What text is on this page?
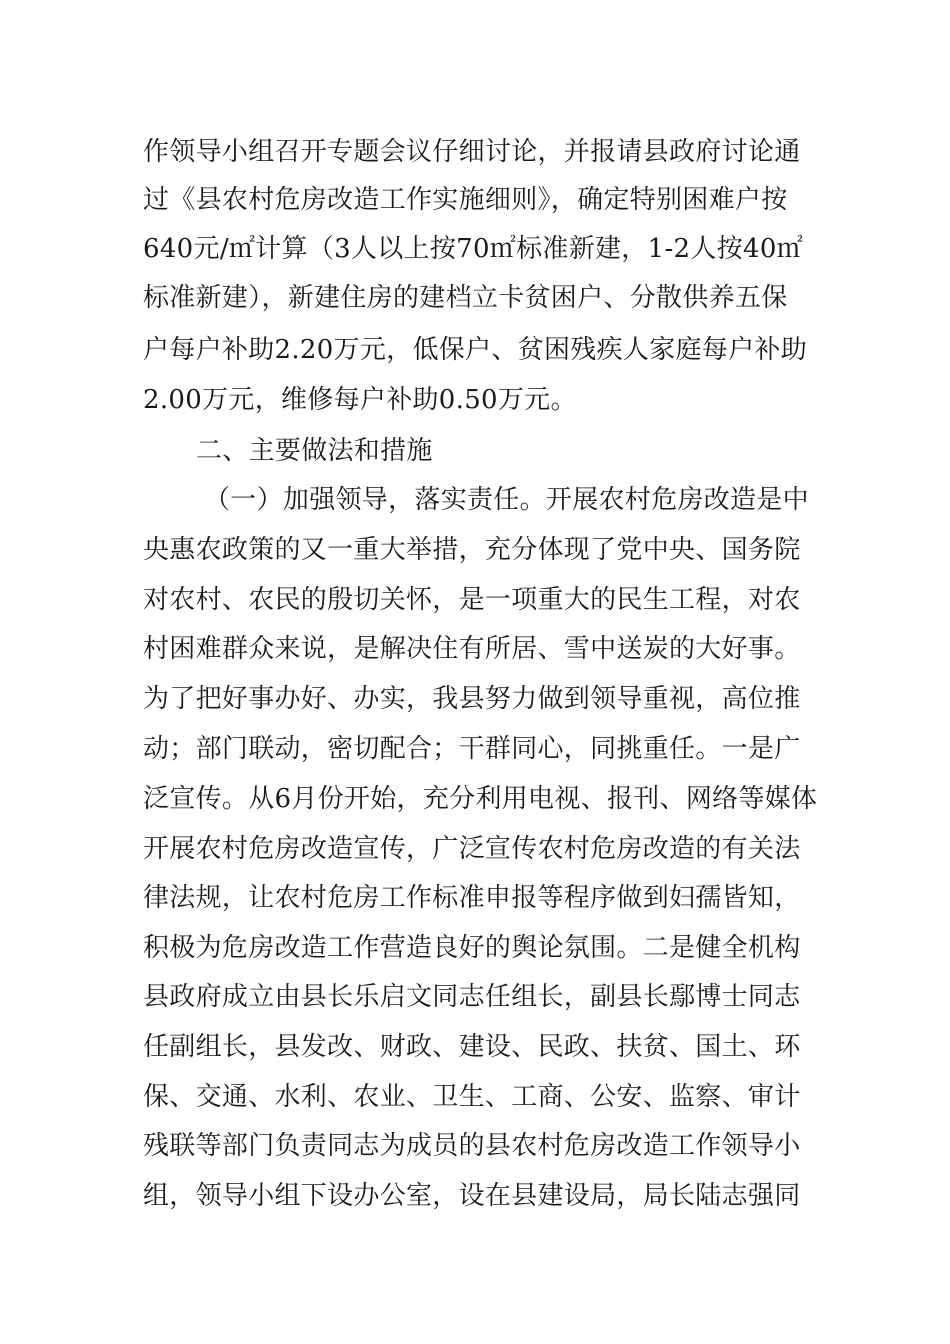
作领导小组召开专题会议仔细讨论，并报请县政府讨论通
过《县农村危房改造工作实施细则》，确定特别困难户按
640元/㎡计算（3人以上按70㎡标准新建，1-2人按40㎡
标准新建），新建住房的建档立卡贫困户、分散供养五保
户每户补助2.20万元，低保户、贫困残疾人家庭每户补助
2.00万元，维修每户补助0.50万元。
二、主要做法和措施
（一）加强领导，落实责任。开展农村危房改造是中
央惠农政策的又一重大举措，充分体现了党中央、国务院
对农村、农民的殷切关怀，是一项重大的民生工程，对农
村困难群众来说，是解决住有所居、雪中送炭的大好事。
为了把好事办好、办实，我县努力做到领导重视，高位推
动；部门联动，密切配合；干群同心，同挑重任。一是广
泛宣传。从6月份开始，充分利用电视、报刊、网络等媒体
开展农村危房改造宣传，广泛宣传农村危房改造的有关法
律法规，让农村危房工作标准申报等程序做到妇孺皆知，
积极为危房改造工作营造良好的舆论氛围。二是健全机构
县政府成立由县长乐启文同志任组长，副县长鄢博士同志
任副组长，县发改、财政、建设、民政、扶贫、国土、环
保、交通、水利、农业、卫生、工商、公安、监察、审计
残联等部门负责同志为成员的县农村危房改造工作领导小
组，领导小组下设办公室，设在县建设局，局长陆志强同
